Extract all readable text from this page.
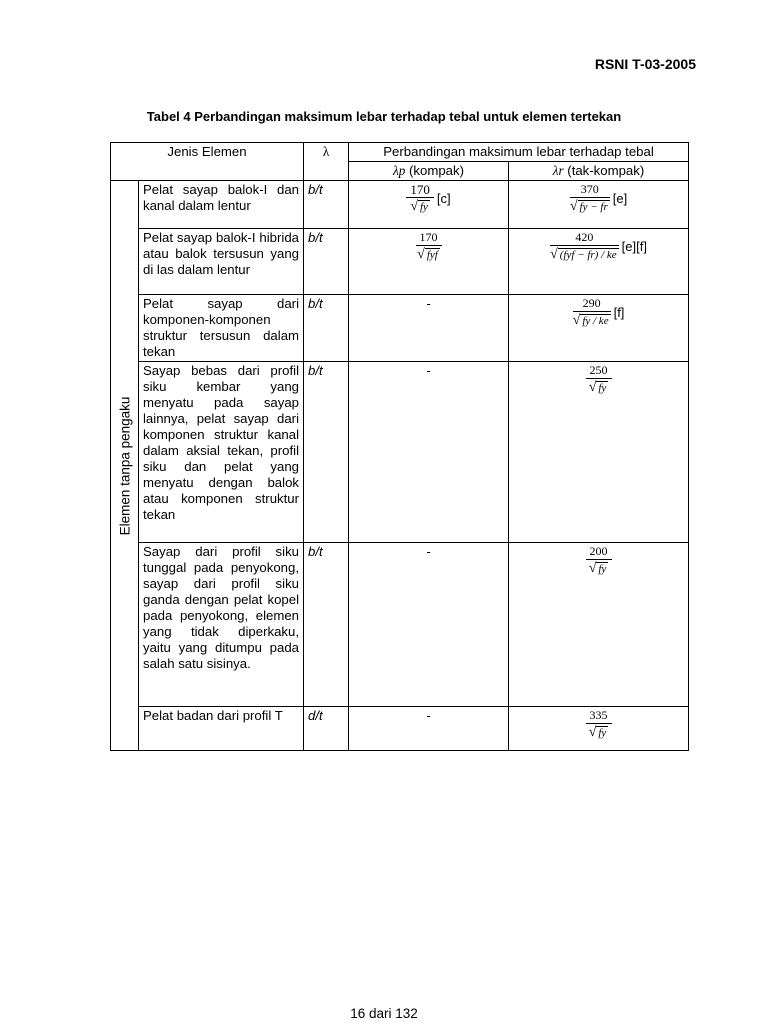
RSNI T-03-2005
Tabel 4 Perbandingan maksimum lebar terhadap tebal untuk elemen tertekan
Jenis Elemen		λ	Perbandingan maksimum lebar terhadap tebal	
			λp (kompak)	λr (tak-kompak)

Elemen tanpa pengaku	Pelat sayap balok-I dan kanal dalam lentur	b/t	$\frac{170}{√ fy} [c]$	$\frac{370}{√ fy - fr} [e]$
	Pelat sayap balok-I hibrida atau balok tersusun yang di las dalam lentur	b/t	$\frac{170}{\text{√ fyf}}$	$\frac{420}{\text{√ (fyf − fr) / ke}} [e][f]$
	Pelat sayap dari komponen-komponen struktur tersusun dalam tekan	b/t	-	$\frac{290}{√ fy / ke} [f]$
	Sayap bebas dari profil siku kembar yang menyatu pada sayap lainnya, pelat sayap dari komponen struktur kanal dalam aksial tekan, profil siku dan pelat yang menyatu dengan balok atau komponen struktur tekan	b/t	-	$\frac{250}{√ fy}$

	Sayap dari profil siku tunggal pada penyokong, sayap dari profil siku ganda dengan pelat kopel pada penyokong, elemen yang tidak diperkaku, yaitu yang ditumpu pada salah satu sisinya.	b/t	-	$\frac{200}{√ fy}$

	Pelat badan dari profil T	d/t	-	$\frac{335}{√ fy}$
16 dari 132
